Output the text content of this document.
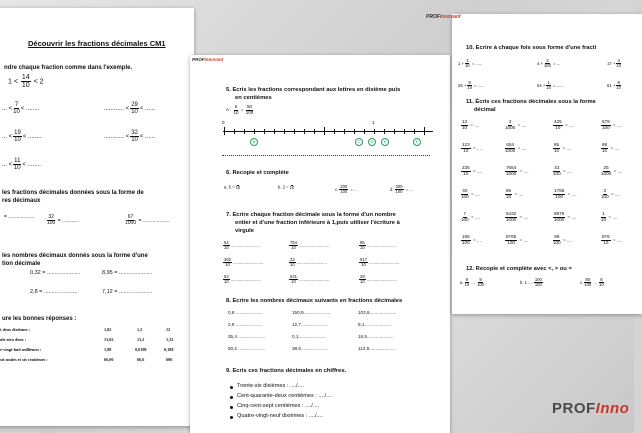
Découvrir les fractions décimales CM1
ndre chaque fraction comme dans l'exemple.
$1 < \frac{14}{10} < 2$
... < $\frac{7}{10}$ < ........	............ < $\frac{29}{10}$ < ......
... < $\frac{19}{10}$ < ........	............ < $\frac{32}{10}$ < ......
... < $\frac{11}{10}$ < ........
les fractions décimales données sous la forme de
res décimaux
= ................... $\frac{32}{100}$ = ............	$\frac{67}{1000}$ = ...................
les nombres décimaux donnés sous la forme d'une
tion décimale
0,32 = ......................	8,95 = ......................
2,8 = ......................	7,12 = ......................
ure les bonnes réponses :
t deux dixièmes :	1,02	1,2	12
ule zéro deux :	13,02	13,2	1,32
e-vingt-huit millièmes :	1,88	0,0188	0,188
six unités et six centièmes :	66,06	66,6	606
PROFInnovant
5. Ecris les fractions correspondant aux lettres en dixième puis
en centièmes
A : $\frac{5}{10} = \frac{50}{100}$
0	1
B	C	D	E	F
6. Recopie et complète
a. 5 = 10	b. 2 = 10	c. $\frac{200}{100}$ = ...	d. $\frac{300}{100}$ = ...
7. Ecrire chaque fraction décimale sous la forme d'un nombre
entier et d'une fraction inférieure à 1,puis utiliser l'écriture à
virgule
$\frac{54}{10}$ ..........................	$\frac{754}{10}$ ..........................	$\frac{85}{10}$ ..........................
$\frac{302}{10}$ ..........................	$\frac{22}{10}$ ..........................	$\frac{917}{10}$ ..........................
$\frac{63}{10}$ ..........................	$\frac{541}{10}$ ..........................	$\frac{28}{10}$ ..........................
8. Ecrire les nombres décimaux suivants en fractions décimales
0,8 .....................	150,9.....................	103,6.....................
2,9 .....................	12,7.....................	8,1.....................
35,4 .....................	0,1.....................	16,5.....................
50,2 .....................	38,6.....................	112,8.....................
9. Ecris ces fractions décimales en chiffres.
Trente-six dixièmes : ..../....
Cent-quarante-deux centièmes : ..../....
Cinq-cent-sept centièmes : ..../....
Quatre-vingt-neuf dixièmes : ..../....
PROFInnovant
10. Ecrire à chaque fois sous forme d'une fracti
$1 + \frac{3}{10}$ = ......	$4 + \frac{3}{100}$ = ...	$17 + \frac{4}{10}$
$25 + \frac{8}{10}$ = ......	$54 + \frac{1}{10}$ = ......	$61 + \frac{9}{10}$
11. Écris ces fractions décimales sous la forme
décimal
$\frac{13}{10}$ = ....	$\frac{3}{1000}$ = ....	$\frac{425}{10}$ = ....	$\frac{679}{100}$ = ....
$\frac{123}{10}$ = ....	$\frac{654}{1000}$ = ....	$\frac{65}{10}$ = ....	$\frac{68}{10}$ = ....
$\frac{235}{10}$ = ....	$\frac{7654}{1000}$ = ....	$\frac{43}{100}$ = ....	$\frac{25}{1000}$ = ....
$\frac{40}{100}$ = ....	$\frac{86}{10}$ = ....	$\frac{1768}{100}$ = ....	$\frac{3}{100}$ = ....
$\frac{7}{100}$ = ....	$\frac{5432}{1000}$ = ....	$\frac{8876}{1000}$ = ....	$\frac{1}{10}$ = ....
$\frac{165}{100}$ = ....	$\frac{8765}{100}$ = ....	$\frac{99}{100}$ = ....	$\frac{876}{10}$ = ....
12. Recopie et complète avec <, > ou =
a. $\frac{9}{10}$ ... $\frac{9}{100}$	b. 1 .... $\frac{100}{100}$	c. $\frac{80}{100}$ ... $\frac{8}{10}$
PROFInno
